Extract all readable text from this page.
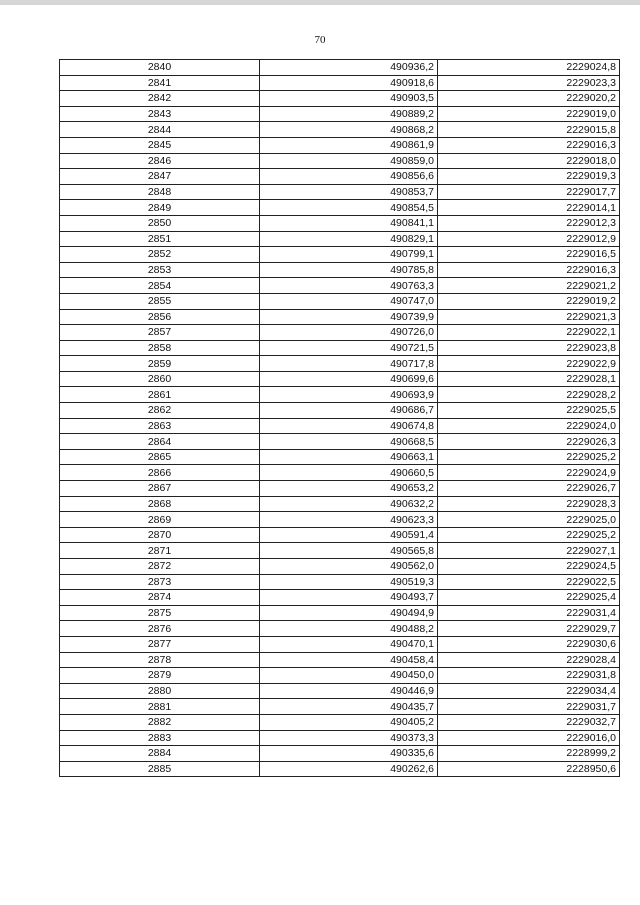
70
2840	490936,2	2229024,8
2841	490918,6	2229023,3
2842	490903,5	2229020,2
2843	490889,2	2229019,0
2844	490868,2	2229015,8
2845	490861,9	2229016,3
2846	490859,0	2229018,0
2847	490856,6	2229019,3
2848	490853,7	2229017,7
2849	490854,5	2229014,1
2850	490841,1	2229012,3
2851	490829,1	2229012,9
2852	490799,1	2229016,5
2853	490785,8	2229016,3
2854	490763,3	2229021,2
2855	490747,0	2229019,2
2856	490739,9	2229021,3
2857	490726,0	2229022,1
2858	490721,5	2229023,8
2859	490717,8	2229022,9
2860	490699,6	2229028,1
2861	490693,9	2229028,2
2862	490686,7	2229025,5
2863	490674,8	2229024,0
2864	490668,5	2229026,3
2865	490663,1	2229025,2
2866	490660,5	2229024,9
2867	490653,2	2229026,7
2868	490632,2	2229028,3
2869	490623,3	2229025,0
2870	490591,4	2229025,2
2871	490565,8	2229027,1
2872	490562,0	2229024,5
2873	490519,3	2229022,5
2874	490493,7	2229025,4
2875	490494,9	2229031,4
2876	490488,2	2229029,7
2877	490470,1	2229030,6
2878	490458,4	2229028,4
2879	490450,0	2229031,8
2880	490446,9	2229034,4
2881	490435,7	2229031,7
2882	490405,2	2229032,7
2883	490373,3	2229016,0
2884	490335,6	2228999,2
2885	490262,6	2228950,6
